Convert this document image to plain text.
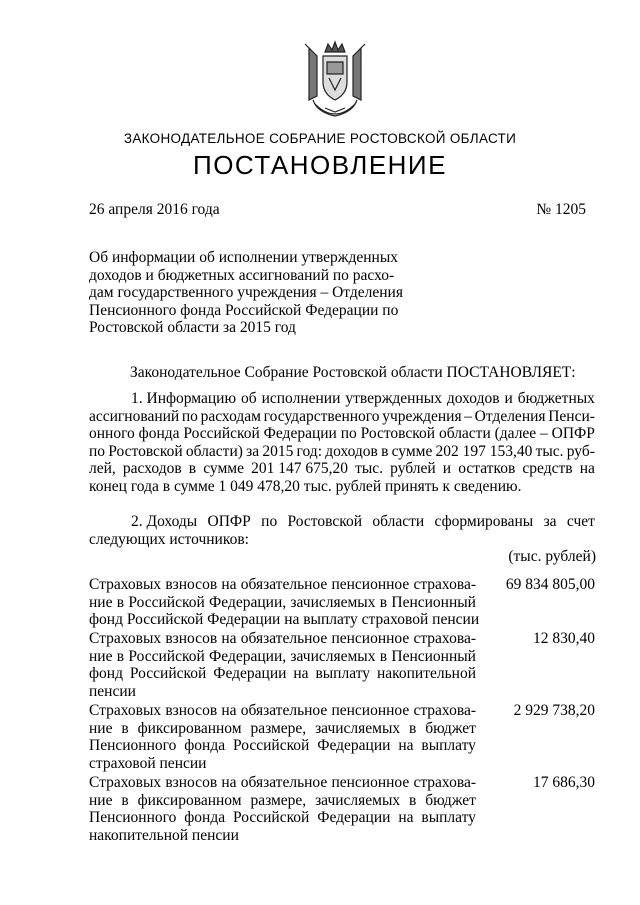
ЗАКОНОДАТЕЛЬНОЕ СОБРАНИЕ РОСТОВСКОЙ ОБЛАСТИ
ПОСТАНОВЛЕНИЕ
26 апреля 2016 года	№ 1205
Об информации об исполнении утвержденных
доходов и бюджетных ассигнований по расхо-
дам государственного учреждения – Отделения
Пенсионного фонда Российской Федерации по
Ростовской области за 2015 год
Законодательное Собрание Ростовской области ПОСТАНОВЛЯЕТ:
1. Информацию об исполнении утвержденных доходов и бюджетных
ассигнований по расходам государственного учреждения – Отделения Пенси-
онного фонда Российской Федерации по Ростовской области (далее – ОПФР
по Ростовской области) за 2015 год: доходов в сумме 202 197 153,40 тыс. руб-
лей, расходов в сумме 201 147 675,20 тыс. рублей и остатков средств на
конец года в сумме 1 049 478,20 тыс. рублей принять к сведению.
2. Доходы ОПФР по Ростовской области сформированы за счет
следующих источников:
(тыс. рублей)
Страховых взносов на обязательное пенсионное страхова-
ние в Российской Федерации, зачисляемых в Пенсионный
фонд Российской Федерации на выплату страховой пенсии
69 834 805,00
Страховых взносов на обязательное пенсионное страхова-
ние в Российской Федерации, зачисляемых в Пенсионный
фонд Российской Федерации на выплату накопительной
пенсии
12 830,40
Страховых взносов на обязательное пенсионное страхова-
ние в фиксированном размере, зачисляемых в бюджет
Пенсионного фонда Российской Федерации на выплату
страховой пенсии
2 929 738,20
Страховых взносов на обязательное пенсионное страхова-
ние в фиксированном размере, зачисляемых в бюджет
Пенсионного фонда Российской Федерации на выплату
накопительной пенсии
17 686,30
